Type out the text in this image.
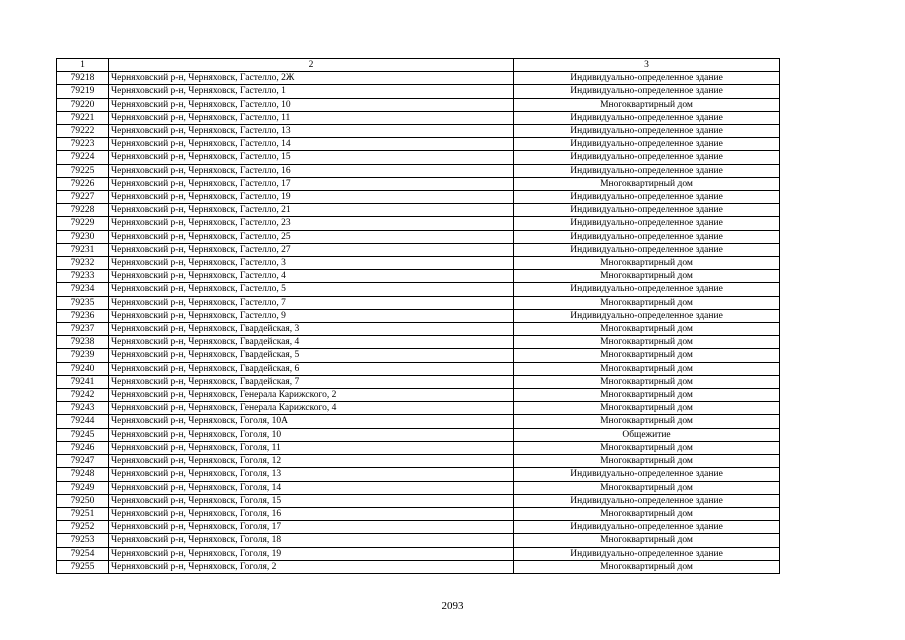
1	2	3
79218	Черняховский р-н, Черняховск, Гастелло, 2Ж	Индивидуально-определенное здание
79219	Черняховский р-н, Черняховск, Гастелло, 1	Индивидуально-определенное здание
79220	Черняховский р-н, Черняховск, Гастелло, 10	Многоквартирный дом
79221	Черняховский р-н, Черняховск, Гастелло, 11	Индивидуально-определенное здание
79222	Черняховский р-н, Черняховск, Гастелло, 13	Индивидуально-определенное здание
79223	Черняховский р-н, Черняховск, Гастелло, 14	Индивидуально-определенное здание
79224	Черняховский р-н, Черняховск, Гастелло, 15	Индивидуально-определенное здание
79225	Черняховский р-н, Черняховск, Гастелло, 16	Индивидуально-определенное здание
79226	Черняховский р-н, Черняховск, Гастелло, 17	Многоквартирный дом
79227	Черняховский р-н, Черняховск, Гастелло, 19	Индивидуально-определенное здание
79228	Черняховский р-н, Черняховск, Гастелло, 21	Индивидуально-определенное здание
79229	Черняховский р-н, Черняховск, Гастелло, 23	Индивидуально-определенное здание
79230	Черняховский р-н, Черняховск, Гастелло, 25	Индивидуально-определенное здание
79231	Черняховский р-н, Черняховск, Гастелло, 27	Индивидуально-определенное здание
79232	Черняховский р-н, Черняховск, Гастелло, 3	Многоквартирный дом
79233	Черняховский р-н, Черняховск, Гастелло, 4	Многоквартирный дом
79234	Черняховский р-н, Черняховск, Гастелло, 5	Индивидуально-определенное здание
79235	Черняховский р-н, Черняховск, Гастелло, 7	Многоквартирный дом
79236	Черняховский р-н, Черняховск, Гастелло, 9	Индивидуально-определенное здание
79237	Черняховский р-н, Черняховск, Гвардейская, 3	Многоквартирный дом
79238	Черняховский р-н, Черняховск, Гвардейская, 4	Многоквартирный дом
79239	Черняховский р-н, Черняховск, Гвардейская, 5	Многоквартирный дом
79240	Черняховский р-н, Черняховск, Гвардейская, 6	Многоквартирный дом
79241	Черняховский р-н, Черняховск, Гвардейская, 7	Многоквартирный дом
79242	Черняховский р-н, Черняховск, Генерала Карижского, 2	Многоквартирный дом
79243	Черняховский р-н, Черняховск, Генерала Карижского, 4	Многоквартирный дом
79244	Черняховский р-н, Черняховск, Гоголя, 10А	Многоквартирный дом
79245	Черняховский р-н, Черняховск, Гоголя, 10	Общежитие
79246	Черняховский р-н, Черняховск, Гоголя, 11	Многоквартирный дом
79247	Черняховский р-н, Черняховск, Гоголя, 12	Многоквартирный дом
79248	Черняховский р-н, Черняховск, Гоголя, 13	Индивидуально-определенное здание
79249	Черняховский р-н, Черняховск, Гоголя, 14	Многоквартирный дом
79250	Черняховский р-н, Черняховск, Гоголя, 15	Индивидуально-определенное здание
79251	Черняховский р-н, Черняховск, Гоголя, 16	Многоквартирный дом
79252	Черняховский р-н, Черняховск, Гоголя, 17	Индивидуально-определенное здание
79253	Черняховский р-н, Черняховск, Гоголя, 18	Многоквартирный дом
79254	Черняховский р-н, Черняховск, Гоголя, 19	Индивидуально-определенное здание
79255	Черняховский р-н, Черняховск, Гоголя, 2	Многоквартирный дом
2093
